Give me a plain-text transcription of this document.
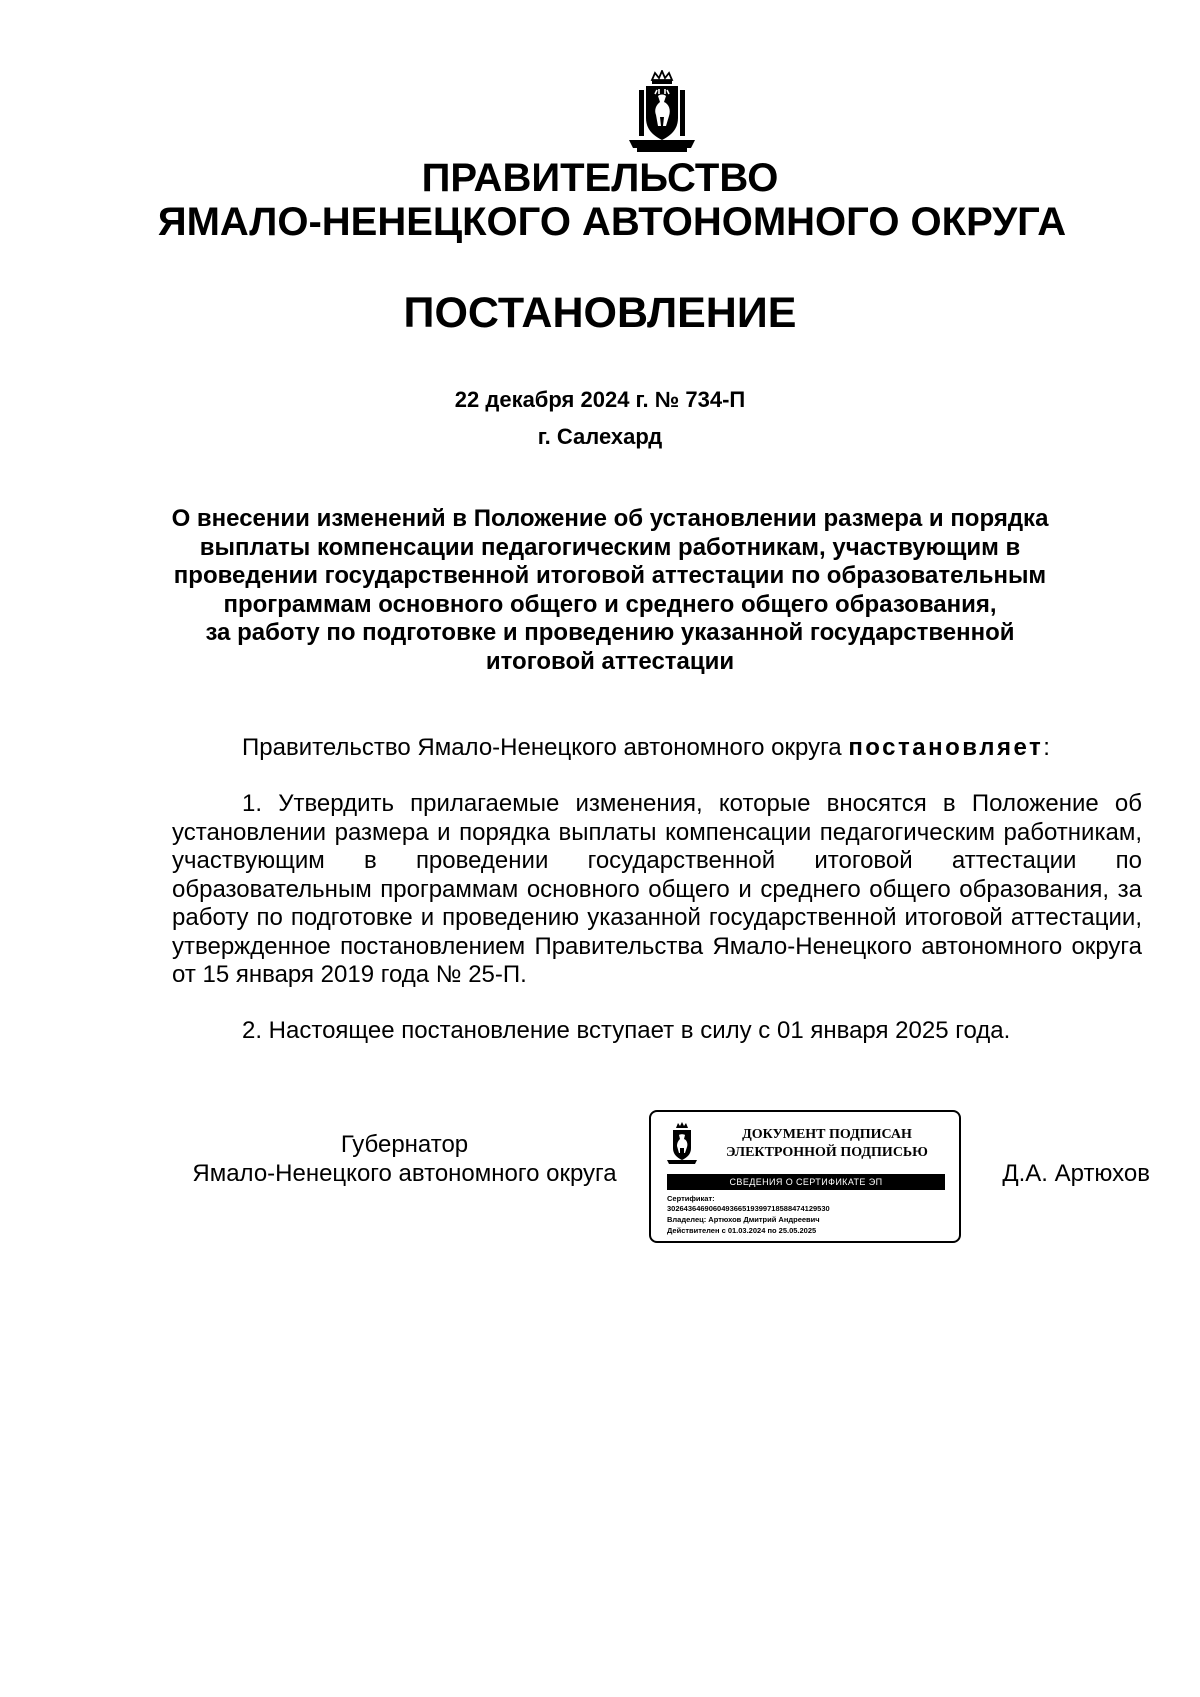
ПРАВИТЕЛЬСТВО
ЯМАЛО-НЕНЕЦКОГО АВТОНОМНОГО ОКРУГА
ПОСТАНОВЛЕНИЕ
22 декабря 2024 г. № 734-П
г. Салехард
О внесении изменений в Положение об установлении размера и порядка
выплаты компенсации педагогическим работникам, участвующим в
проведении государственной итоговой аттестации по образовательным
программам основного общего и среднего общего образования,
за работу по подготовке и проведению указанной государственной
итоговой аттестации
Правительство Ямало-Ненецкого автономного округа постановляет:
1. Утвердить прилагаемые изменения, которые вносятся в Положение об установлении размера и порядка выплаты компенсации педагогическим работникам, участвующим в проведении государственной итоговой аттестации по образовательным программам основного общего и среднего общего образования, за работу по подготовке и проведению указанной государственной итоговой аттестации, утвержденное постановлением Правительства Ямало-Ненецкого автономного округа от 15 января 2019 года № 25-П.
2. Настоящее постановление вступает в силу с 01 января 2025 года.
Губернатор
Ямало-Ненецкого автономного округа
ДОКУМЕНТ ПОДПИСАН
ЭЛЕКТРОННОЙ ПОДПИСЬЮ
СВЕДЕНИЯ О СЕРТИФИКАТЕ ЭП
Сертификат:
302643646906049366519399718588474129530
Владелец: Артюхов Дмитрий Андреевич
Действителен с 01.03.2024 по 25.05.2025
Д.А. Артюхов
